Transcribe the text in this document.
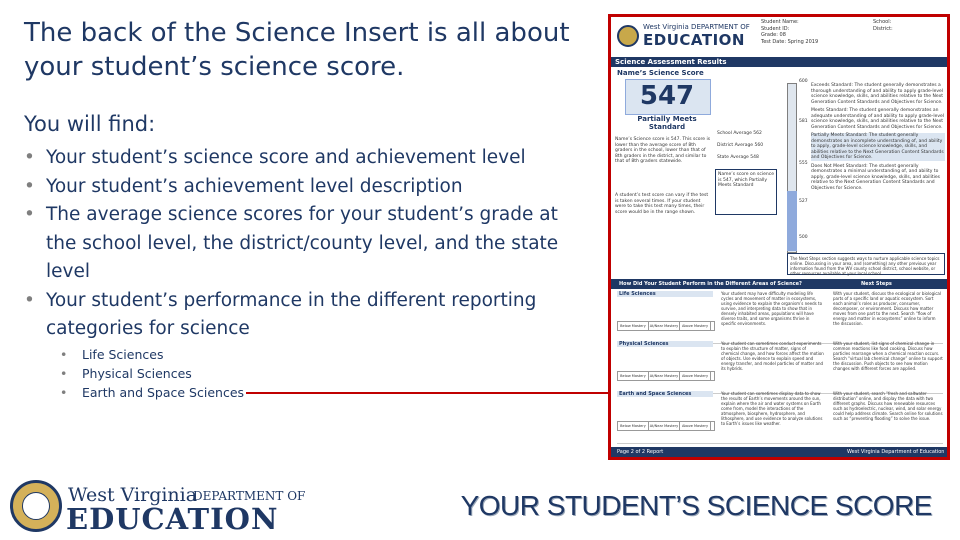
The back of the Science Insert is all about your student’s science score.
You will find:
• Your student’s science score and achievement level
• Your student’s achievement level description
• The average science scores for your student’s grade at the school level, the district/county level, and the state level
• Your student’s performance in the different reporting categories for science
• Life Sciences
• Physical Sciences
• Earth and Space Sciences
West Virginia DEPARTMENT OF
EDUCATION
Student Name:
Student ID:
Grade: 08
Test Date: Spring 2019
School:
District:
Science Assessment Results
Name’s Science Score
547
Partially Meets Standard
Name’s Science score is 547. This score is lower than the average score of 8th graders in the school, lower than that of 8th graders in the district, and similar to that of 8th graders statewide.
A student’s test score can vary if the test is taken several times. If your student were to take this test many times, their score would be in the range shown.
School Average 562
District Average 560
State Average 548
Name’s score on science is 547, which Partially Meets Standard
600
581
555
527
500
Exceeds Standard: The student generally demonstrates a thorough understanding of and ability to apply grade-level science knowledge, skills, and abilities relative to the Next Generation Content Standards and Objectives for Science.
Meets Standard: The student generally demonstrates an adequate understanding of and ability to apply grade-level science knowledge, skills, and abilities relative to the Next Generation Content Standards and Objectives for Science.
Partially Meets Standard: The student generally demonstrates an incomplete understanding of, and ability to apply, grade-level science knowledge, skills, and abilities relative to the Next Generation Content Standards and Objectives for Science.
Does Not Meet Standard: The student generally demonstrates a minimal understanding of, and ability to apply, grade-level science knowledge, skills, and abilities relative to the Next Generation Content Standards and Objectives for Science.
The Next Steps section suggests ways to nurture applicable science topics online. Discussing in your area, and (something) any other previous year information found from the WV county school district, school website, or other resources available at your local school.
How Did Your Student Perform in the Different Areas of Science?	Next Steps
Life Sciences
Below Mastery At/Near Mastery Above Mastery
Your student may have difficulty modeling life cycles and movement of matter in ecosystems, using evidence to explain the organism’s needs to survive, and interpreting data to show that in densely inhabited areas, populations will have diverse traits, and some organisms thrive in specific environments.
With your student, discuss the ecological or biological parts of a specific land or aquatic ecosystem. Sort each animal’s roles as producer, consumer, decomposer, or environment. Discuss how matter moves from one part to the next. Search “flow of energy and matter in ecosystems” online to inform the discussion.
Physical Sciences
Below Mastery At/Near Mastery Above Mastery
Your student can sometimes conduct experiments to explain the structure of matter, signs of chemical change, and how forces affect the motion of objects. Use evidence to explain speed and energy transfer, and model particles of matter and its hybrids.
With your student, list signs of chemical change in common reactions like food cooking. Discuss how particles rearrange when a chemical reaction occurs. Search “virtual lab chemical change” online to support the discussion. Push objects to see how motion changes with different forces are applied.
Earth and Space Sciences
Below Mastery At/Near Mastery Above Mastery
Your student can sometimes display data to show the results of Earth’s movements around the sun, explain where the air and water systems on Earth come from, model the interactions of the atmosphere, biosphere, hydrosphere, and lithosphere, and use evidence to analyze solutions to Earth’s issues like weather.
With your student, search “fresh and saltwater distribution” online, and display the data with two different graphs. Discuss how renewable resources such as hydroelectric, nuclear, wind, and solar energy could help address climate. Search online for solutions such as “preventing flooding” to solve the issue.
Page 2 of 2 Report	West Virginia Department of Education
West Virginia
DEPARTMENT OF
EDUCATION	YOUR STUDENT’S SCIENCE SCORE
